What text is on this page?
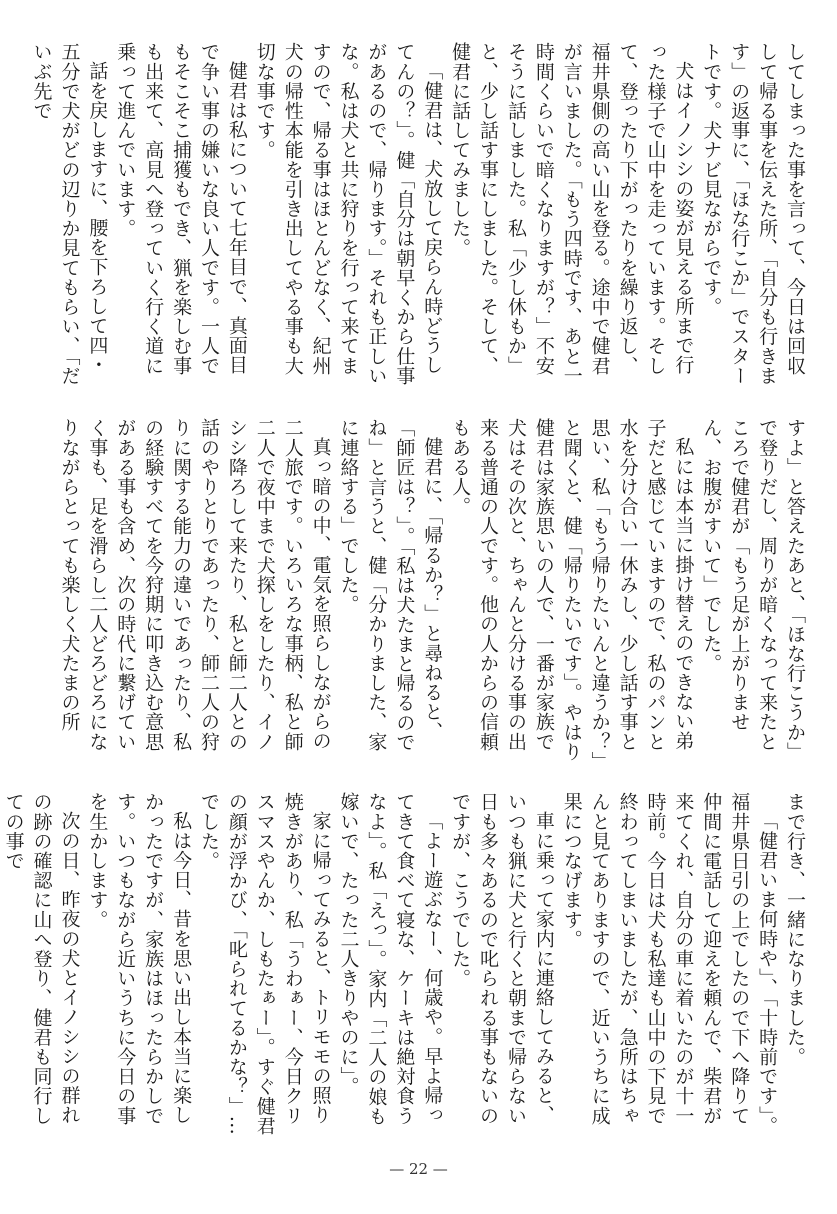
してしまった事を言って、今日は回収して帰る事を伝えた所、「自分も行きます」の返事に、「ほな行こか」でスタートです。犬ナビ見ながらです。

犬はイノシシの姿が見える所まで行った様子で山中を走っています。そして、登ったり下がったりを繰り返し、福井県側の高い山を登る。途中で健君が言いました。「もう四時です、あと一時間くらいで暗くなりますが？」不安そうに話しました。私「少し休もか」と、少し話す事にしました。そして、健君に話してみました。

「健君は、犬放して戻らん時どうしてんの？」。健「自分は朝早くから仕事があるので、帰ります。」それも正しいな。私は犬と共に狩りを行って来てますので、帰る事はほとんどなく、紀州犬の帰性本能を引き出してやる事も大切な事です。

健君は私について七年目で、真面目で争い事の嫌いな良い人です。一人でもそこそこ捕獲もでき、猟を楽しむ事も出来て、高見へ登っていく行く道に乗って進んでいます。

話を戻しますに、腰を下ろして四・五分で犬がどの辺りか見てもらい、「だいぶ先で

すよ」と答えたあと、「ほな行こうか」で登りだし、周りが暗くなって来たところで健君が「もう足が上がりません、お腹がすいて」でした。

私には本当に掛け替えのできない弟子だと感じていますので、私のパンと水を分け合い一休みし、少し話す事と思い、私「もう帰りたいんと違うか？」と聞くと、健「帰りたいです」。やはり健君は家族思いの人で、一番が家族で犬はその次と、ちゃんと分ける事の出来る普通の人です。他の人からの信頼もある人。

健君に、「帰るか？」と尋ねると、「師匠は？」。「私は犬たまと帰るのでね」と言うと、健「分かりました、家に連絡する」でした。

真っ暗の中、電気を照らしながらの二人旅です。いろいろな事柄、私と師二人で夜中まで犬探しをしたり、イノシシ降ろして来たり、私と師二人との話のやりとりであったり、師二人の狩りに関する能力の違いであったり、私の経験すべてを今狩期に叩き込む意思がある事も含め、次の時代に繋げていく事も、足を滑らし二人どろどろになりながらとっても楽しく犬たまの所

まで行き、一緒になりました。

「健君いま何時や」、「十時前です」。福井県日引の上でしたので下へ降りて仲間に電話して迎えを頼んで、柴君が来てくれ、自分の車に着いたのが十一時前。今日は犬も私達も山中の下見で終わってしまいましたが、急所はちゃんと見てありますので、近いうちに成果につなげます。

車に乗って家内に連絡してみると、いつも猟に犬と行くと朝まで帰らない日も多々あるので叱られる事もないのですが、こうでした。

「よー遊ぶなー、何歳や。早よ帰ってきて食べて寝な、ケーキは絶対食うなよ」。私「えっ」。家内「二人の娘も嫁いで、たった二人きりやのに」。

家に帰ってみると、トリモモの照り焼きがあり、私「うわぁー、今日クリスマスやんか、しもたぁー」。すぐ健君の顔が浮かび、「叱られてるかな？」…でした。

私は今日、昔を思い出し本当に楽しかったですが、家族はほったらかしです。いつもながら近いうちに今日の事を生かします。

次の日、昨夜の犬とイノシシの群れの跡の確認に山へ登り、健君も同行しての事で

— 22 —
